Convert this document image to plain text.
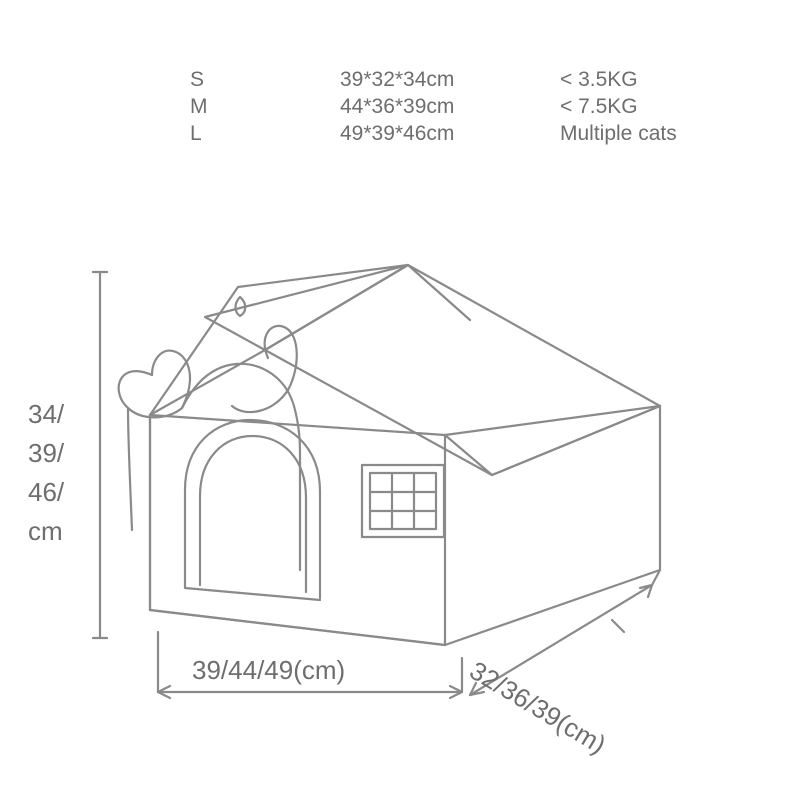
S
M
L
39*32*34cm
44*36*39cm
49*39*46cm
< 3.5KG
< 7.5KG
Multiple cats
34/
39/
46/
cm
39/44/49(cm)	32/36/39(cm)
